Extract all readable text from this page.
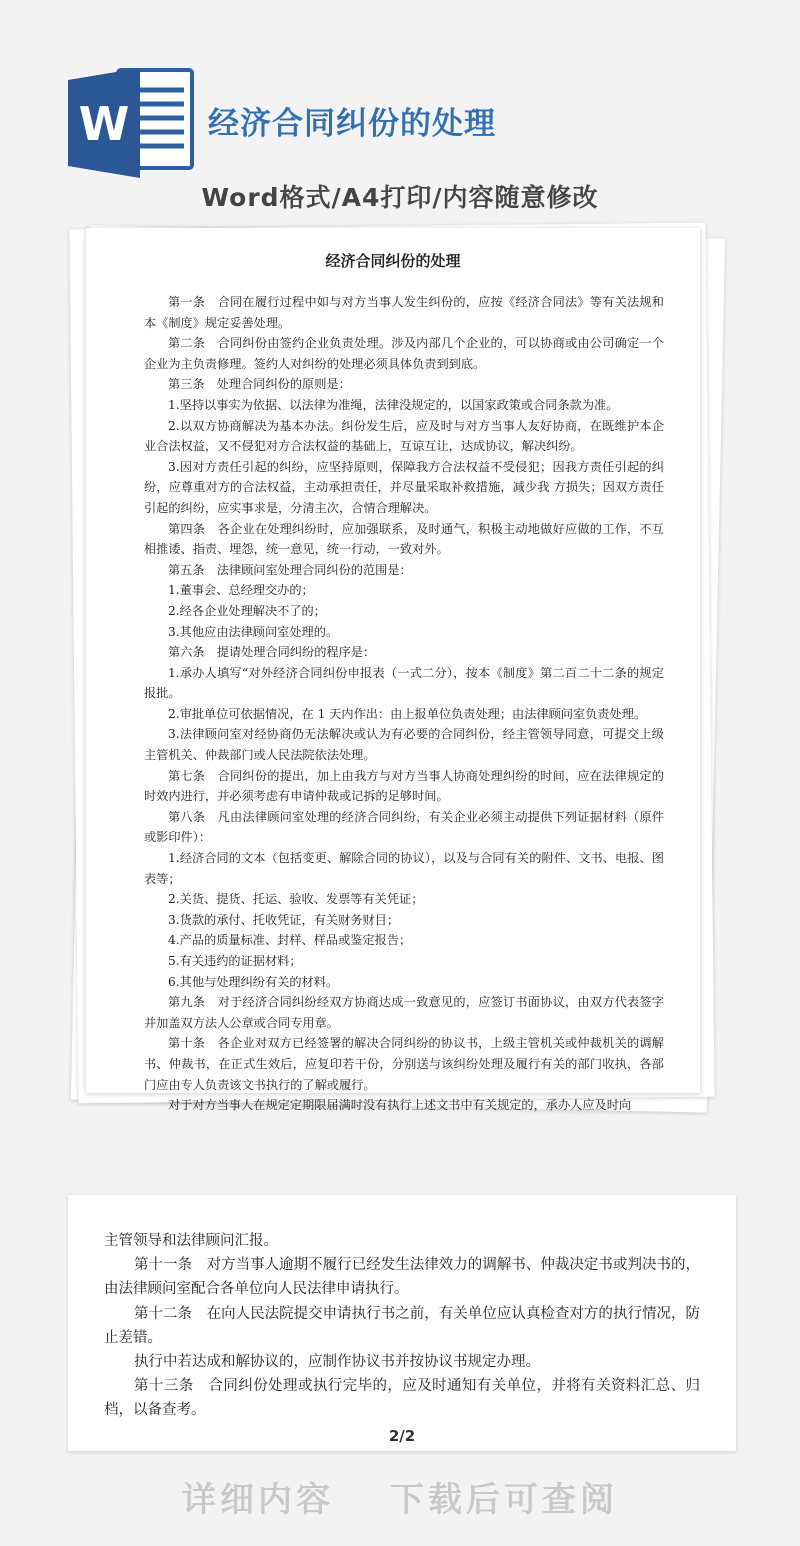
W	经济合同纠份的处理
Word格式/A4打印/内容随意修改
经济合同纠份的处理

第一条　合同在履行过程中如与对方当事人发生纠份的，应按《经济合同法》等有关法规和本《制度》规定妥善处理。

第二条　合同纠份由签约企业负责处理。涉及内部几个企业的，可以协商或由公司确定一个企业为主负责修理。签约人对纠纷的处理必须具体负责到到底。

第三条　处理合同纠份的原则是：

1.坚持以事实为依据、以法律为准绳，法律没规定的，以国家政策或合同条款为准。

2.以双方协商解决为基本办法。纠份发生后，应及时与对方当事人友好协商，在既维护本企业合法权益，又不侵犯对方合法权益的基础上，互谅互让，达成协议，解决纠纷。

3.因对方责任引起的纠纷，应坚持原则，保障我方合法权益不受侵犯；因我方责任引起的纠纷，应尊重对方的合法权益，主动承担责任，并尽量采取补救措施，减少我 方损失；因双方责任引起的纠纷，应实事求是，分清主次，合情合理解决。

第四条　各企业在处理纠纷时，应加强联系，及时通气，积极主动地做好应做的工作，不互相推诿、指责、埋怨，统一意见，统一行动，一致对外。

第五条　法律顾问室处理合同纠份的范围是：

1.董事会、总经理交办的；

2.经各企业处理解决不了的；

3.其他应由法律顾问室处理的。

第六条　提请处理合同纠纷的程序是：

1.承办人填写“对外经济合同纠份申报表（一式二分），按本《制度》第二百二十二条的规定报批。

2.审批单位可依据情况，在 1 天内作出：由上报单位负责处理；由法律顾问室负责处理。

3.法律顾问室对经协商仍无法解决或认为有必要的合同纠份，经主管领导同意，可提交上级主管机关、仲裁部门或人民法院依法处理。

第七条　合同纠份的提出，加上由我方与对方当事人协商处理纠纷的时间，应在法律规定的时效内进行，并必须考虑有申请仲裁或记拆的足够时间。

第八条　凡由法律顾问室处理的经济合同纠纷，有关企业必须主动提供下列证据材料（原件或影印件）：

1.经济合同的文本（包括变更、解除合同的协议），以及与合同有关的附件、文书、电报、图表等；

2.关货、提货、托运、验收、发票等有关凭证；

3.货款的承付、托收凭证，有关财务财目；

4.产品的质量标准、封样、样品或鉴定报告；

5.有关违约的证据材料；

6.其他与处理纠纷有关的材料。

第九条　对于经济合同纠纷经双方协商达成一致意见的，应签订书面协议，由双方代表签字并加盖双方法人公章或合同专用章。

第十条　各企业对双方已经签署的解决合同纠纷的协议书，上级主管机关或仲裁机关的调解书、仲裁书，在正式生效后，应复印若干份，分别送与该纠纷处理及履行有关的部门收执，各部门应由专人负责该文书执行的了解或履行。

对于对方当事人在规定定期限届满时没有执行上述文书中有关规定的，承办人应及时向

主管领导和法律顾问汇报。

第十一条　对方当事人逾期不履行已经发生法律效力的调解书、仲裁决定书或判决书的，由法律顾问室配合各单位向人民法律申请执行。

第十二条　在向人民法院提交申请执行书之前，有关单位应认真检查对方的执行情况，防止差错。

执行中若达成和解协议的，应制作协议书并按协议书规定办理。

第十三条　合同纠份处理或执行完毕的，应及时通知有关单位，并将有关资料汇总、归档，以备查考。

2/2
详细内容 下载后可查阅
